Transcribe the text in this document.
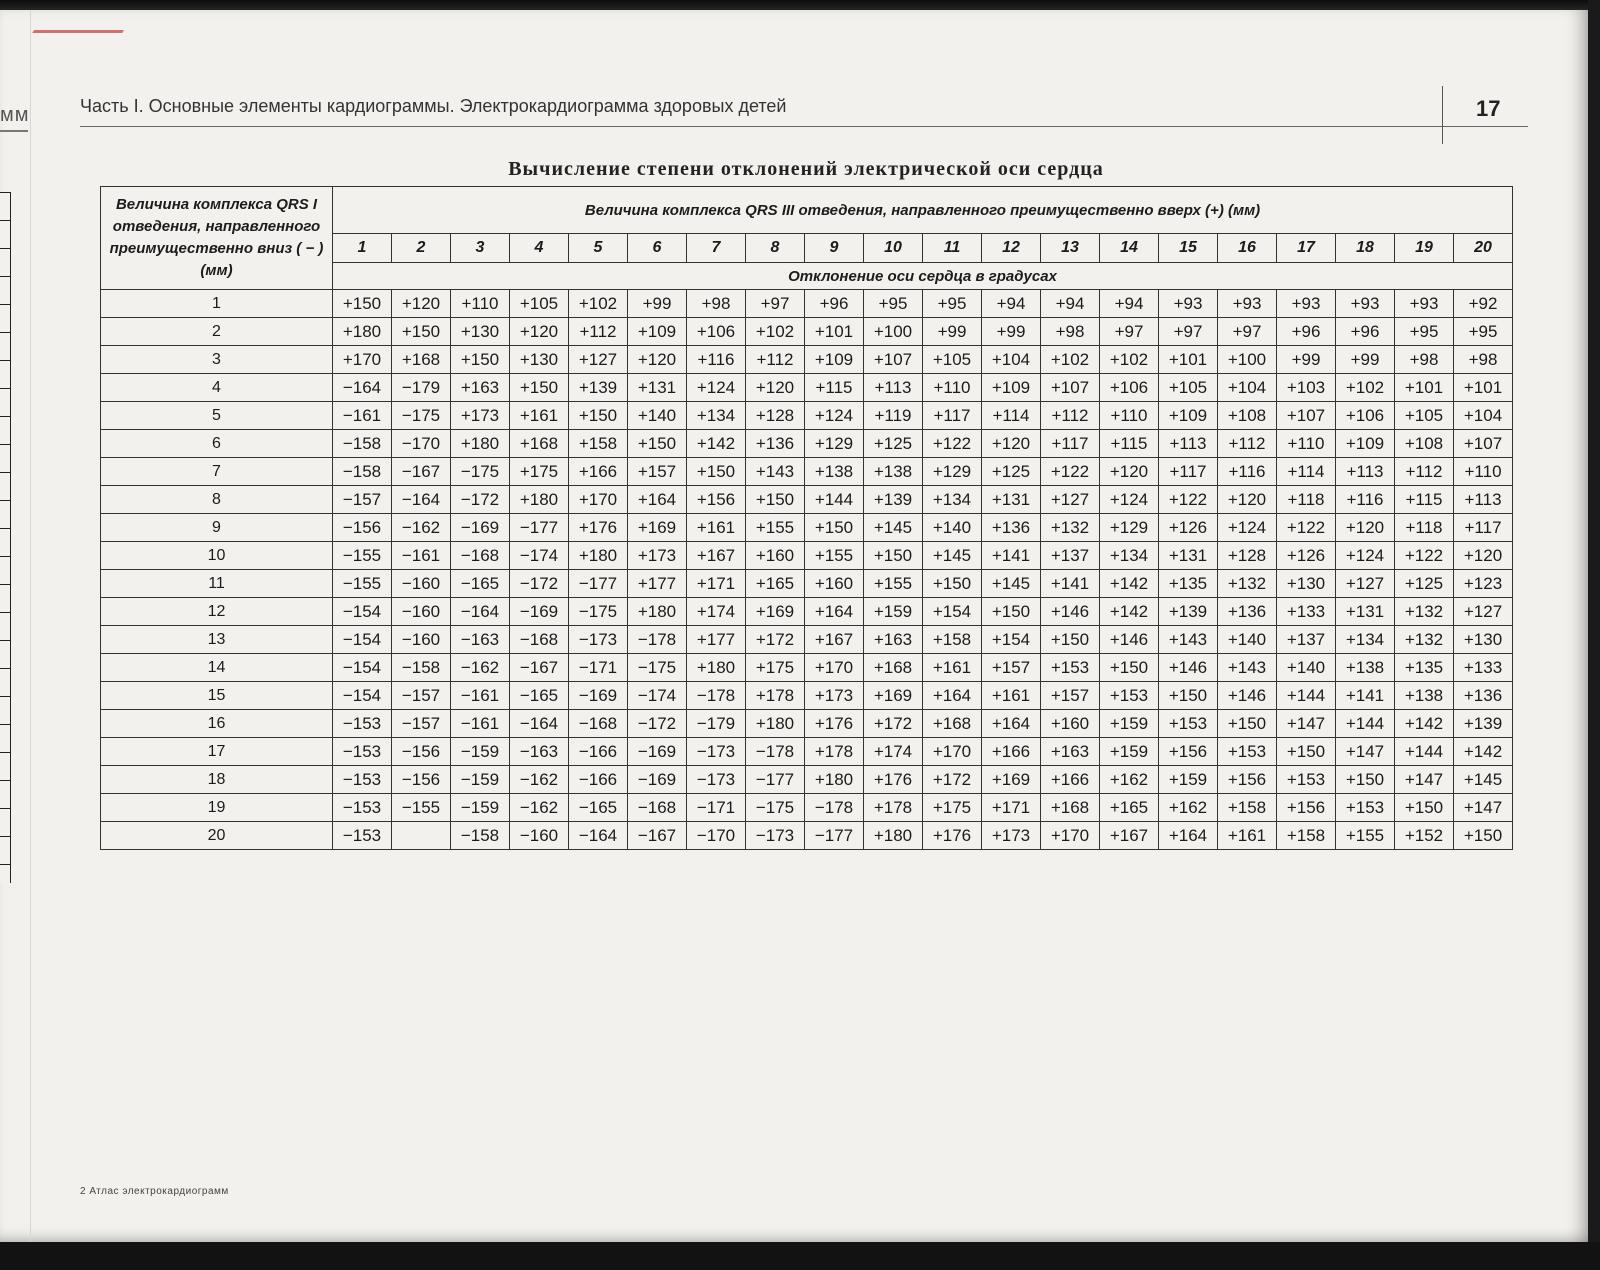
мм	Часть I. Основные элементы кардиограммы. Электрокардиограмма здоровых детей	17
Вычисление степени отклонений электрической оси сердца
Величина комплекса QRS I отведения, направленного преимущественно вниз ( − ) (мм)	Величина комплекса QRS III отведения, направленного преимущественно вверх (+) (мм)																			
	1	2	3	4	5	6	7	8	9	10	11	12	13	14	15	16	17	18	19	20
	Отклонение оси сердца в градусах																			
1	+150	+120	+110	+105	+102	+99	+98	+97	+96	+95	+95	+94	+94	+94	+93	+93	+93	+93	+93	+92
2	+180	+150	+130	+120	+112	+109	+106	+102	+101	+100	+99	+99	+98	+97	+97	+97	+96	+96	+95	+95
3	+170	+168	+150	+130	+127	+120	+116	+112	+109	+107	+105	+104	+102	+102	+101	+100	+99	+99	+98	+98
4	−164	−179	+163	+150	+139	+131	+124	+120	+115	+113	+110	+109	+107	+106	+105	+104	+103	+102	+101	+101
5	−161	−175	+173	+161	+150	+140	+134	+128	+124	+119	+117	+114	+112	+110	+109	+108	+107	+106	+105	+104
6	−158	−170	+180	+168	+158	+150	+142	+136	+129	+125	+122	+120	+117	+115	+113	+112	+110	+109	+108	+107
7	−158	−167	−175	+175	+166	+157	+150	+143	+138	+138	+129	+125	+122	+120	+117	+116	+114	+113	+112	+110
8	−157	−164	−172	+180	+170	+164	+156	+150	+144	+139	+134	+131	+127	+124	+122	+120	+118	+116	+115	+113
9	−156	−162	−169	−177	+176	+169	+161	+155	+150	+145	+140	+136	+132	+129	+126	+124	+122	+120	+118	+117
10	−155	−161	−168	−174	+180	+173	+167	+160	+155	+150	+145	+141	+137	+134	+131	+128	+126	+124	+122	+120
11	−155	−160	−165	−172	−177	+177	+171	+165	+160	+155	+150	+145	+141	+142	+135	+132	+130	+127	+125	+123
12	−154	−160	−164	−169	−175	+180	+174	+169	+164	+159	+154	+150	+146	+142	+139	+136	+133	+131	+132	+127
13	−154	−160	−163	−168	−173	−178	+177	+172	+167	+163	+158	+154	+150	+146	+143	+140	+137	+134	+132	+130
14	−154	−158	−162	−167	−171	−175	+180	+175	+170	+168	+161	+157	+153	+150	+146	+143	+140	+138	+135	+133
15	−154	−157	−161	−165	−169	−174	−178	+178	+173	+169	+164	+161	+157	+153	+150	+146	+144	+141	+138	+136
16	−153	−157	−161	−164	−168	−172	−179	+180	+176	+172	+168	+164	+160	+159	+153	+150	+147	+144	+142	+139
17	−153	−156	−159	−163	−166	−169	−173	−178	+178	+174	+170	+166	+163	+159	+156	+153	+150	+147	+144	+142
18	−153	−156	−159	−162	−166	−169	−173	−177	+180	+176	+172	+169	+166	+162	+159	+156	+153	+150	+147	+145
19	−153	−155	−159	−162	−165	−168	−171	−175	−178	+178	+175	+171	+168	+165	+162	+158	+156	+153	+150	+147
20	−153		−158	−160	−164	−167	−170	−173	−177	+180	+176	+173	+170	+167	+164	+161	+158	+155	+152	+150
2 Атлас электрокардиограмм
